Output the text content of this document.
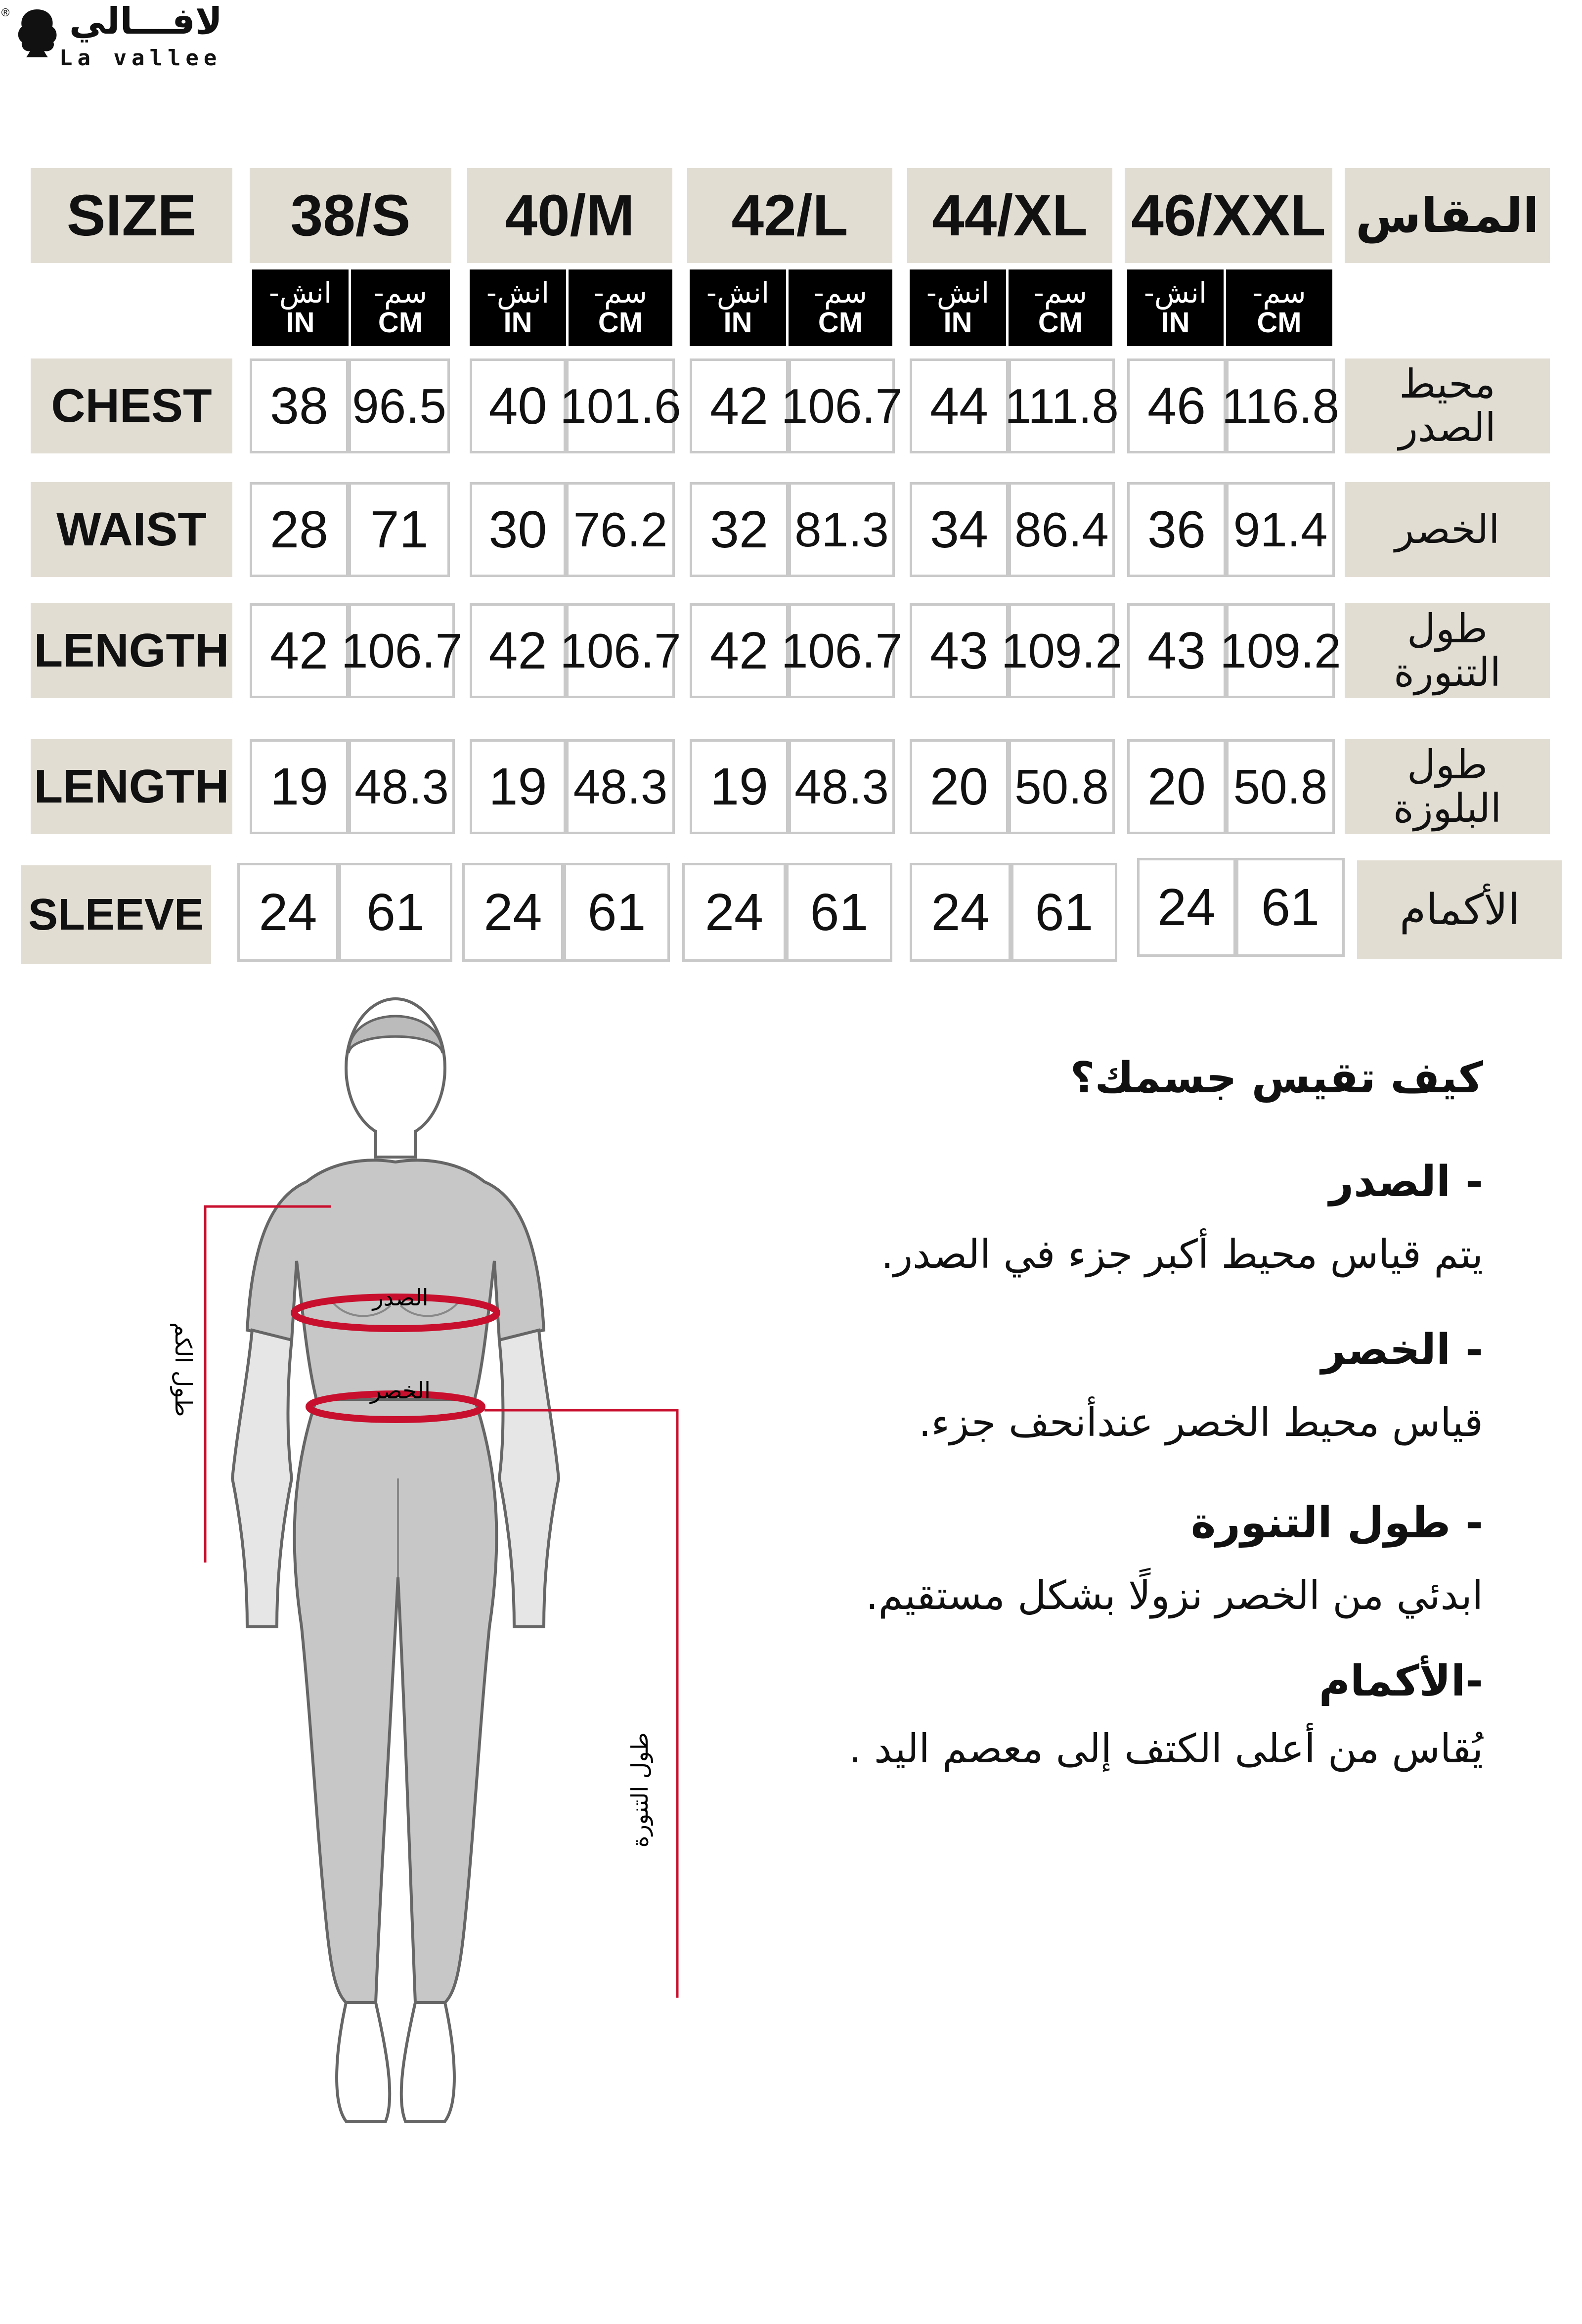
® لافـــالي
La vallee
SIZE 38/S 40/M 42/L 44/XL 46/XXL المقاس
انش-
IN
سم-
CM
انش-
IN
سم-
CM
انش-
IN
سم-
CM
انش-
IN
سم-
CM
انش-
IN
سم-
CM
CHEST 38 96.5 40 101.6 42 106.7 44 111.8 46 116.8 محيط
الصدر
WAIST 28 71 30 76.2 32 81.3 34 86.4 36 91.4 الخصر
LENGTH 42 106.7 42 106.7 42 106.7 43 109.2 43 109.2	طول
التنورة
LENGTH 19 48.3 19 48.3 19 48.3 20 50.8 20 50.8	طول
البلوزة
SLEEVE 24 61 24 61 24 61 24 61 24 61 الأكمام
الصدر
الخصر
طول الكم
طول التنورة
كيف تقيس جسمك؟
- الصدر
يتم قياس محيط أكبر جزء في الصدر.
- الخصر
قياس محيط الخصر عندأنحف جزء.
- طول التنورة
ابدئي من الخصر نزولًا بشكل مستقيم.
-الأكمام
يُقاس من أعلى الكتف إلى معصم اليد .
